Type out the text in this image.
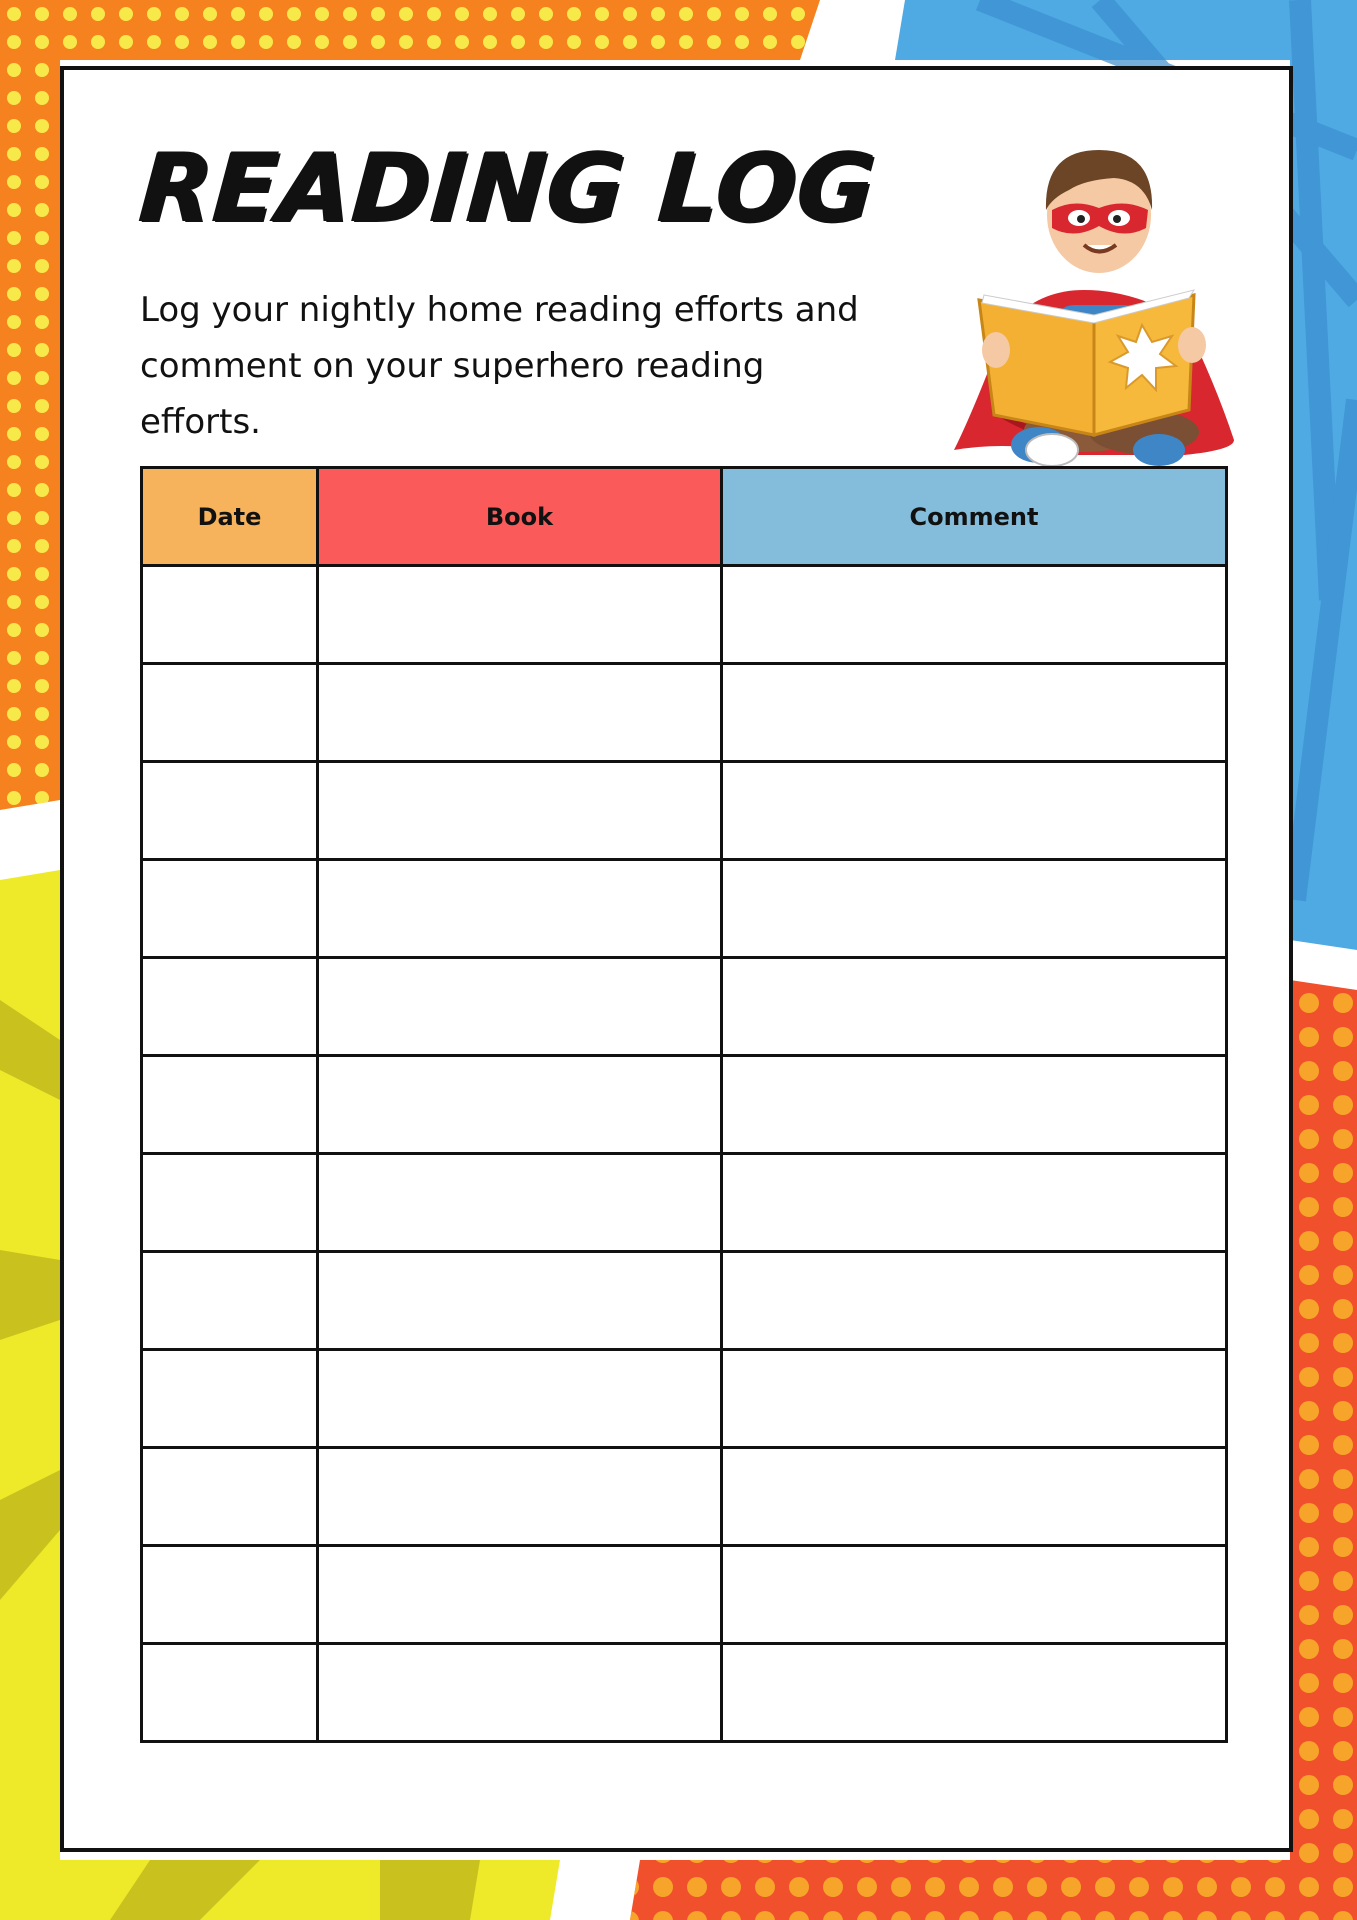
READING LOG

Log your nightly home reading efforts and comment on your superhero reading efforts.

Date	Book	Comment
